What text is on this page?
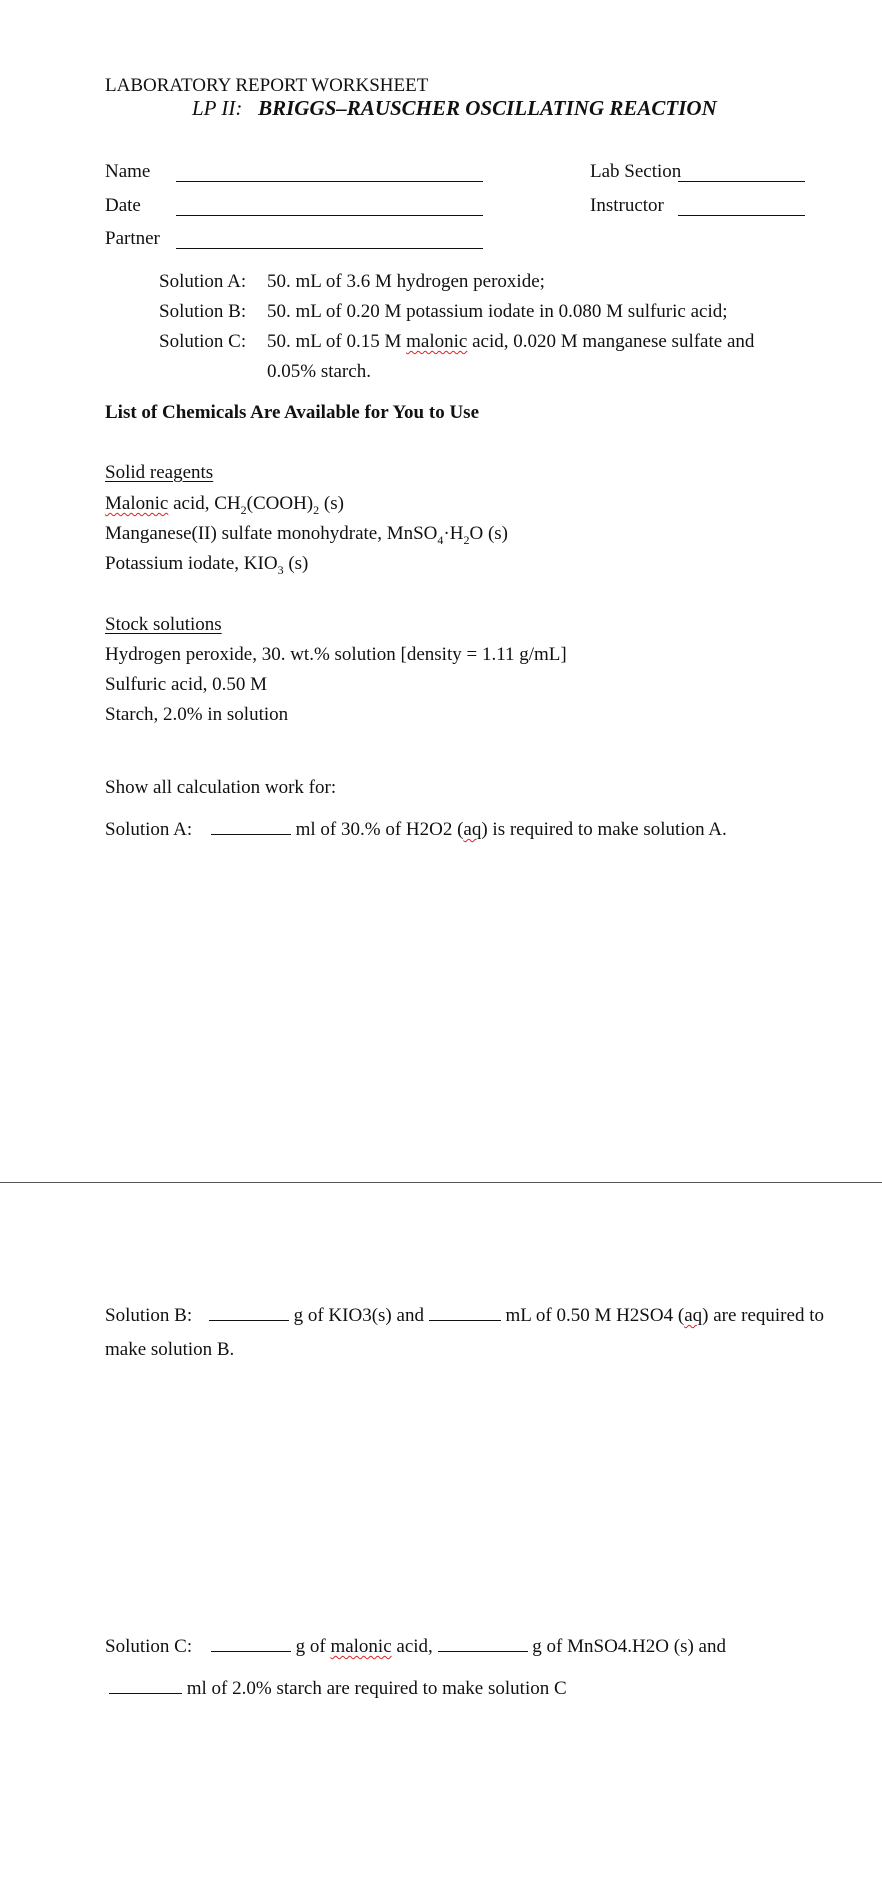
LABORATORY REPORT WORKSHEET
LP II: BRIGGS–RAUSCHER OSCILLATING REACTION
Name
Date
Partner
Lab Section
Instructor
Solution A: 50. mL of 3.6 M hydrogen peroxide;
Solution B: 50. mL of 0.20 M potassium iodate in 0.080 M sulfuric acid;
Solution C: 50. mL of 0.15 M malonic acid, 0.020 M manganese sulfate and
0.05% starch.
List of Chemicals Are Available for You to Use
Solid reagents
Malonic acid, $CH_2(COOH)_2$ (s)
Manganese(II) sulfate monohydrate, $MnSO_4\cdot H_2O$ (s)
Potassium iodate, $KIO_3$ (s)
Stock solutions
Hydrogen peroxide, 30. wt.% solution [density = 1.11 g/mL]
Sulfuric acid, 0.50 M
Starch, 2.0% in solution
Show all calculation work for:
Solution A:	ml of 30.% of H2O2 (aq) is required to make solution A.
Solution B:	g of KIO3(s) and	mL of 0.50 M H2SO4 (aq) are required to
make solution B.
Solution C:	g of malonic acid,	g of MnSO4.H2O (s) and
ml of 2.0% starch are required to make solution C
